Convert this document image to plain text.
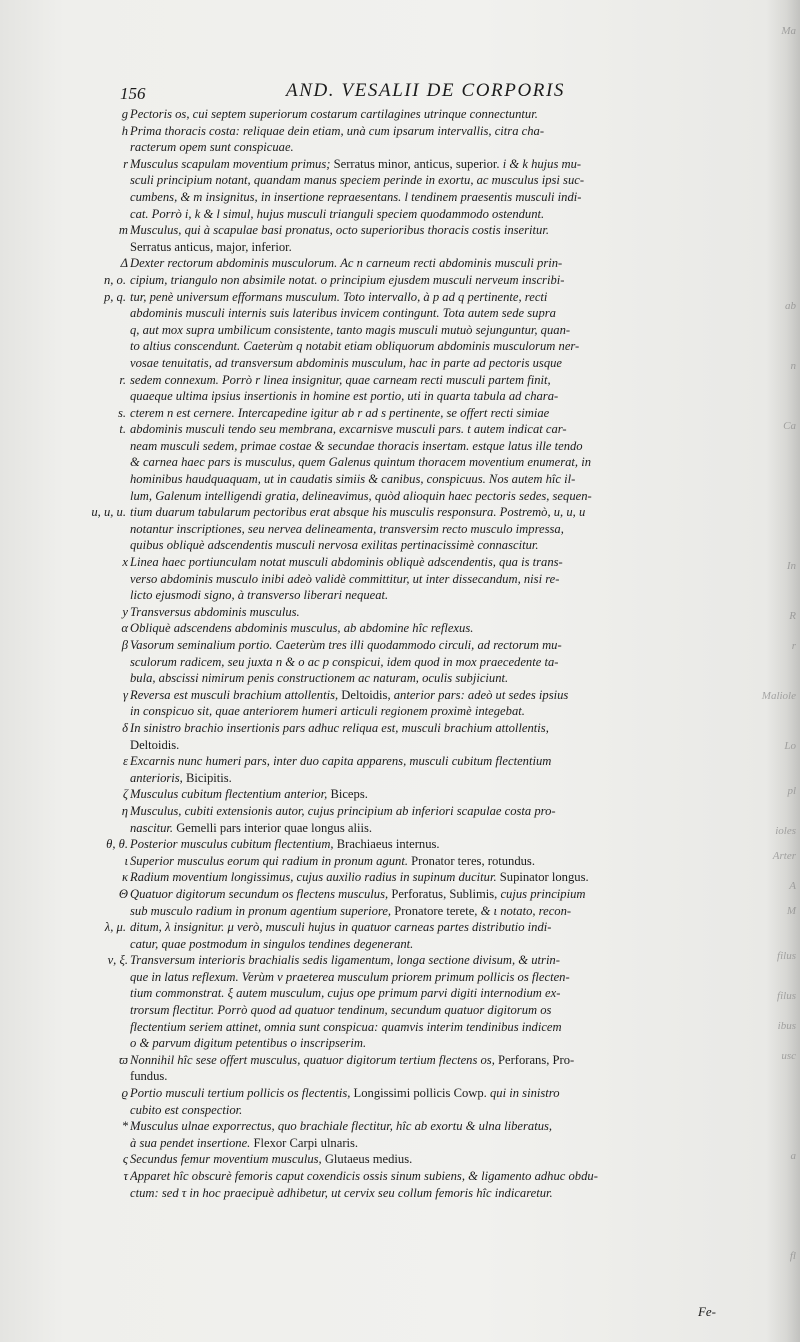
Ma
ab
n
Ca
In
R
r
Maliole
Lo
pl
ioles
Arter
A
M
filus
filus
ibus
usc
a
fl
156	AND. VESALII DE CORPORIS
g Pectoris os, cui septem superiorum costarum cartilagines utrinque connectuntur.
h Prima thoracis costa: reliquae dein etiam, unà cum ipsarum intervallis, citra cha-
racterum opem sunt conspicuae.
r Musculus scapulam moventium primus; Serratus minor, anticus, superior. i & k hujus mu-
sculi principium notant, quandam manus speciem perinde in exortu, ac musculus ipsi suc-
cumbens, & m insignitus, in insertione repraesentans. l tendinem praesentis musculi indi-
cat. Porrò i, k & l simul, hujus musculi trianguli speciem quodammodo ostendunt.
m Musculus, qui à scapulae basi pronatus, octo superioribus thoracis costis inseritur.
Serratus anticus, major, inferior.
Δ Dexter rectorum abdominis musculorum. Ac n carneum recti abdominis musculi prin-
cipium, triangulo non absimile notat. o principium ejusdem musculi nerveum inscribi-
tur, penè universum efformans musculum. Toto intervallo, à p ad q pertinente, recti
abdominis musculi internis suis lateribus invicem contingunt. Tota autem sede supra
q, aut mox supra umbilicum consistente, tanto magis musculi mutuò sejunguntur, quan-
to altius conscendunt. Caeterùm q notabit etiam obliquorum abdominis musculorum ner-
vosae tenuitatis, ad transversum abdominis musculum, hac in parte ad pectoris usque
sedem connexum. Porrò r linea insignitur, quae carneam recti musculi partem finit,
quaeque ultima ipsius insertionis in homine est portio, uti in quarta tabula ad chara-
cterem n est cernere. Intercapedine igitur ab r ad s pertinente, se offert recti simiae
abdominis musculi tendo seu membrana, excarnisve musculi pars. t autem indicat car-
neam musculi sedem, primae costae & secundae thoracis insertam. estque latus ille tendo
& carnea haec pars is musculus, quem Galenus quintum thoracem moventium enumerat, in
hominibus haudquaquam, ut in caudatis simiis & canibus, conspicuus. Nos autem hîc il-
lum, Galenum intelligendi gratia, delineavimus, quòd alioquin haec pectoris sedes, sequen-
tium duarum tabularum pectoribus erat absque his musculis responsura. Postremò, u, u, u
notantur inscriptiones, seu nervea delineamenta, transversim recto musculo impressa,
quibus obliquè adscendentis musculi nervosa exilitas pertinacissimè connascitur.
n, o.
p, q.
r.
s.
t.
u, u, u.
x Linea haec portiunculam notat musculi abdominis obliquè adscendentis, qua is trans-
verso abdominis musculo inibi adeò validè committitur, ut inter dissecandum, nisi re-
licto ejusmodi signo, à transverso liberari nequeat.
y Transversus abdominis musculus.
α Obliquè adscendens abdominis musculus, ab abdomine hîc reflexus.
β Vasorum seminalium portio. Caeterùm tres illi quodammodo circuli, ad rectorum mu-
sculorum radicem, seu juxta n & o ac p conspicui, idem quod in mox praecedente ta-
bula, abscissi nimirum penis constructionem ac naturam, oculis subjiciunt.
γ Reversa est musculi brachium attollentis, Deltoidis, anterior pars: adeò ut sedes ipsius
in conspicuo sit, quae anteriorem humeri articuli regionem proximè integebat.
δ In sinistro brachio insertionis pars adhuc reliqua est, musculi brachium attollentis,
Deltoidis.
ε Excarnis nunc humeri pars, inter duo capita apparens, musculi cubitum flectentium
anterioris, Bicipitis.
ζ Musculus cubitum flectentium anterior, Biceps.
η Musculus, cubiti extensionis autor, cujus principium ab inferiori scapulae costa pro-
nascitur. Gemelli pars interior quae longus aliis.
θ, θ. Posterior musculus cubitum flectentium, Brachiaeus internus.
ι Superior musculus eorum qui radium in pronum agunt. Pronator teres, rotundus.
κ Radium moventium longissimus, cujus auxilio radius in supinum ducitur. Supinator longus.
Θ Quatuor digitorum secundum os flectens musculus, Perforatus, Sublimis, cujus principium
sub musculo radium in pronum agentium superiore, Pronatore terete, & ι notato, recon-
ditum, λ insignitur. μ verò, musculi hujus in quatuor carneas partes distributio indi-
catur, quae postmodum in singulos tendines degenerant.
λ, μ.
ν, ξ. Transversum interioris brachialis sedis ligamentum, longa sectione divisum, & utrin-
que in latus reflexum. Verùm ν praeterea musculum priorem primum pollicis os flecten-
tium commonstrat. ξ autem musculum, cujus ope primum parvi digiti internodium ex-
trorsum flectitur. Porrò quod ad quatuor tendinum, secundum quatuor digitorum os
flectentium seriem attinet, omnia sunt conspicua: quamvis interim tendinibus indicem
o & parvum digitum petentibus o inscripserim.
ϖ Nonnihil hîc sese offert musculus, quatuor digitorum tertium flectens os, Perforans, Pro-
fundus.
ϱ Portio musculi tertium pollicis os flectentis, Longissimi pollicis Cowp. qui in sinistro
cubito est conspectior.
* Musculus ulnae exporrectus, quo brachiale flectitur, hîc ab exortu & ulna liberatus,
à sua pendet insertione. Flexor Carpi ulnaris.
ς Secundus femur moventium musculus, Glutaeus medius.
τ Apparet hîc obscurè femoris caput coxendicis ossis sinum subiens, & ligamento adhuc obdu-
ctum: sed τ in hoc praecipuè adhibetur, ut cervix seu collum femoris hîc indicaretur.
Fe-
